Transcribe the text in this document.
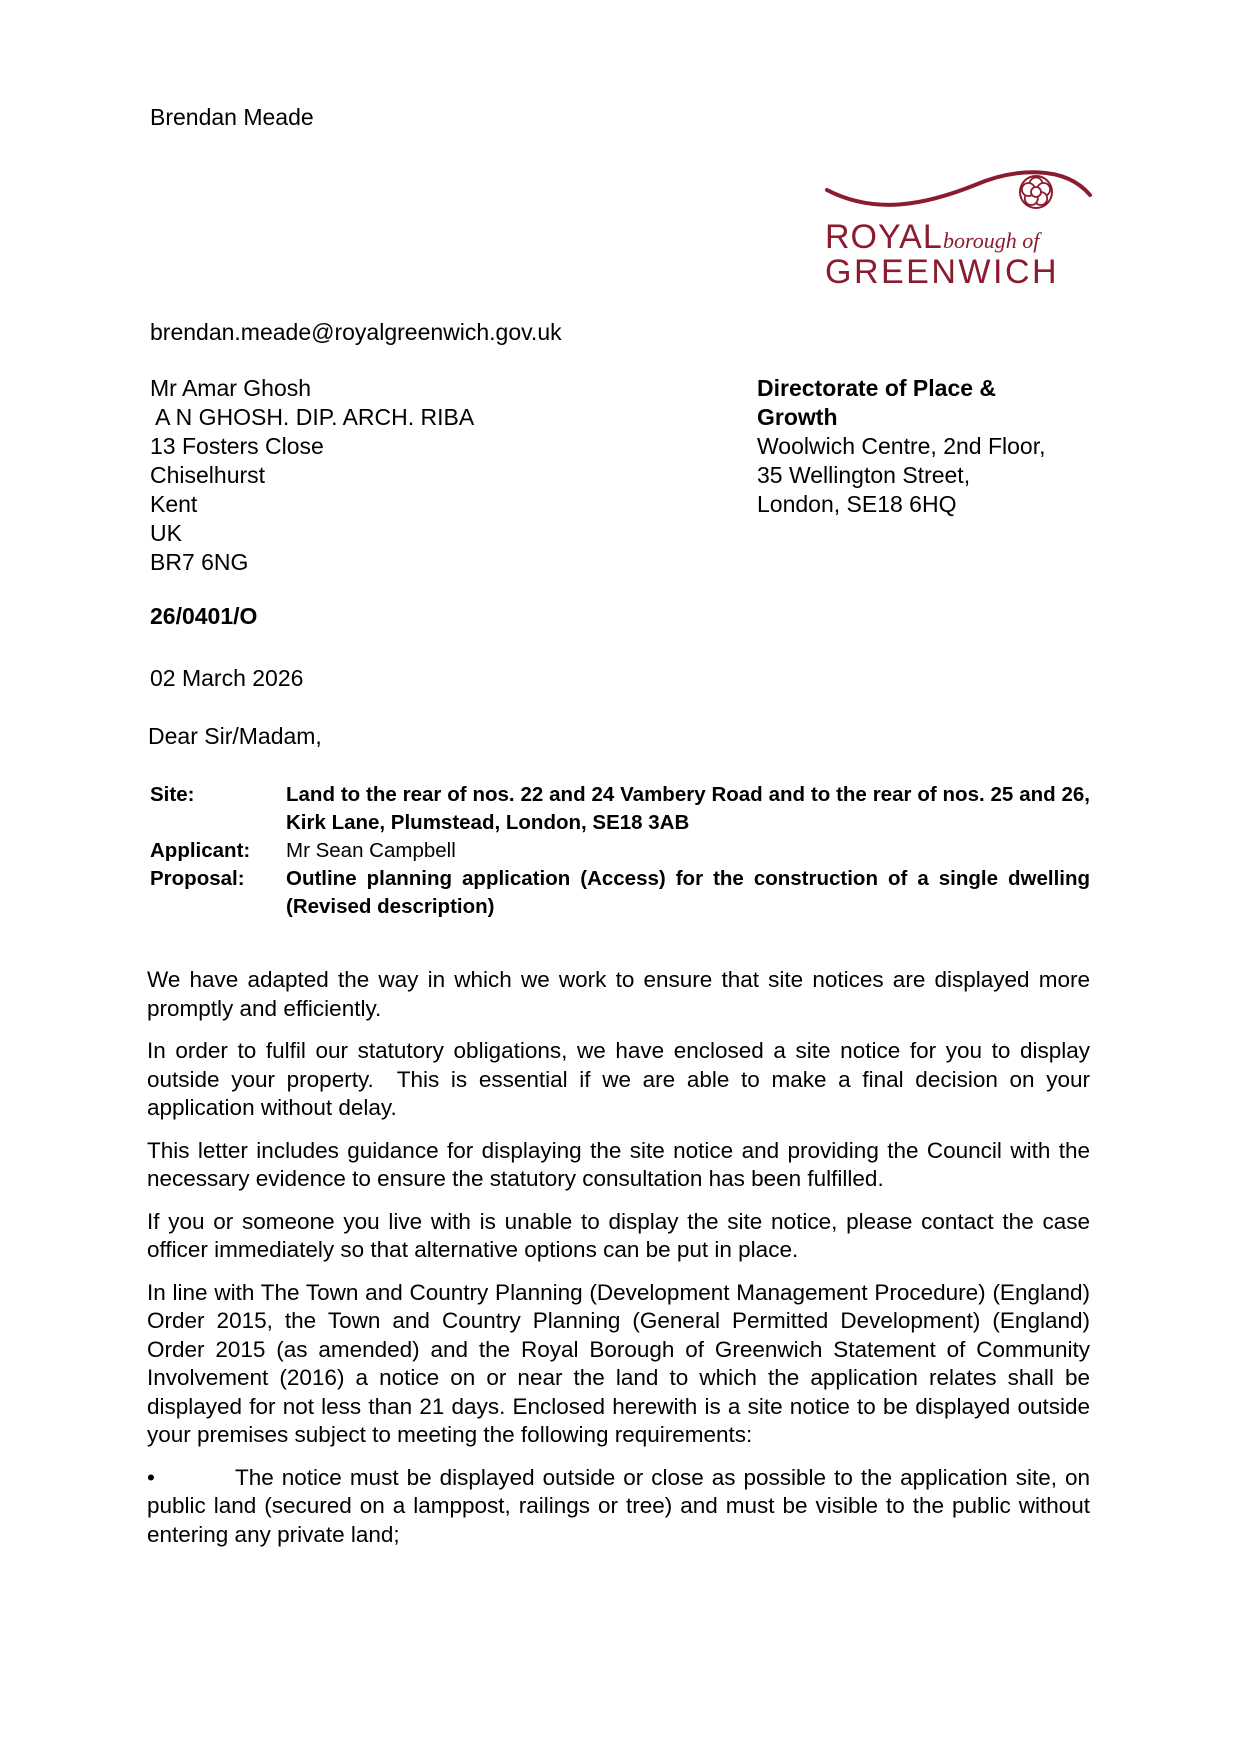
Brendan Meade
ROYAL borough of
GREENWICH
brendan.meade@royalgreenwich.gov.uk
Mr Amar Ghosh
A N GHOSH. DIP. ARCH. RIBA
13 Fosters Close
Chiselhurst
Kent
UK
BR7 6NG
Directorate of Place &
Growth
Woolwich Centre, 2nd Floor,
35 Wellington Street,
London, SE18 6HQ
26/0401/O
02 March 2026
Dear Sir/Madam,
Site:	Land to the rear of nos. 22 and 24 Vambery Road and to the rear of nos. 25 and 26, Kirk Lane, Plumstead, London, SE18 3AB
Applicant:	Mr Sean Campbell
Proposal:	Outline planning application (Access) for the construction of a single dwelling (Revised description)

We have adapted the way in which we work to ensure that site notices are displayed more promptly and efficiently.

In order to fulfil our statutory obligations, we have enclosed a site notice for you to display outside your property.  This is essential if we are able to make a final decision on your application without delay.

This letter includes guidance for displaying the site notice and providing the Council with the necessary evidence to ensure the statutory consultation has been fulfilled.

If you or someone you live with is unable to display the site notice, please contact the case officer immediately so that alternative options can be put in place.

In line with The Town and Country Planning (Development Management Procedure) (England) Order 2015, the Town and Country Planning (General Permitted Development) (England) Order 2015 (as amended) and the Royal Borough of Greenwich Statement of Community Involvement (2016) a notice on or near the land to which the application relates shall be displayed for not less than 21 days. Enclosed herewith is a site notice to be displayed outside your premises subject to meeting the following requirements:

•	The notice must be displayed outside or close as possible to the application site, on public land (secured on a lamppost, railings or tree) and must be visible to the public without entering any private land;
